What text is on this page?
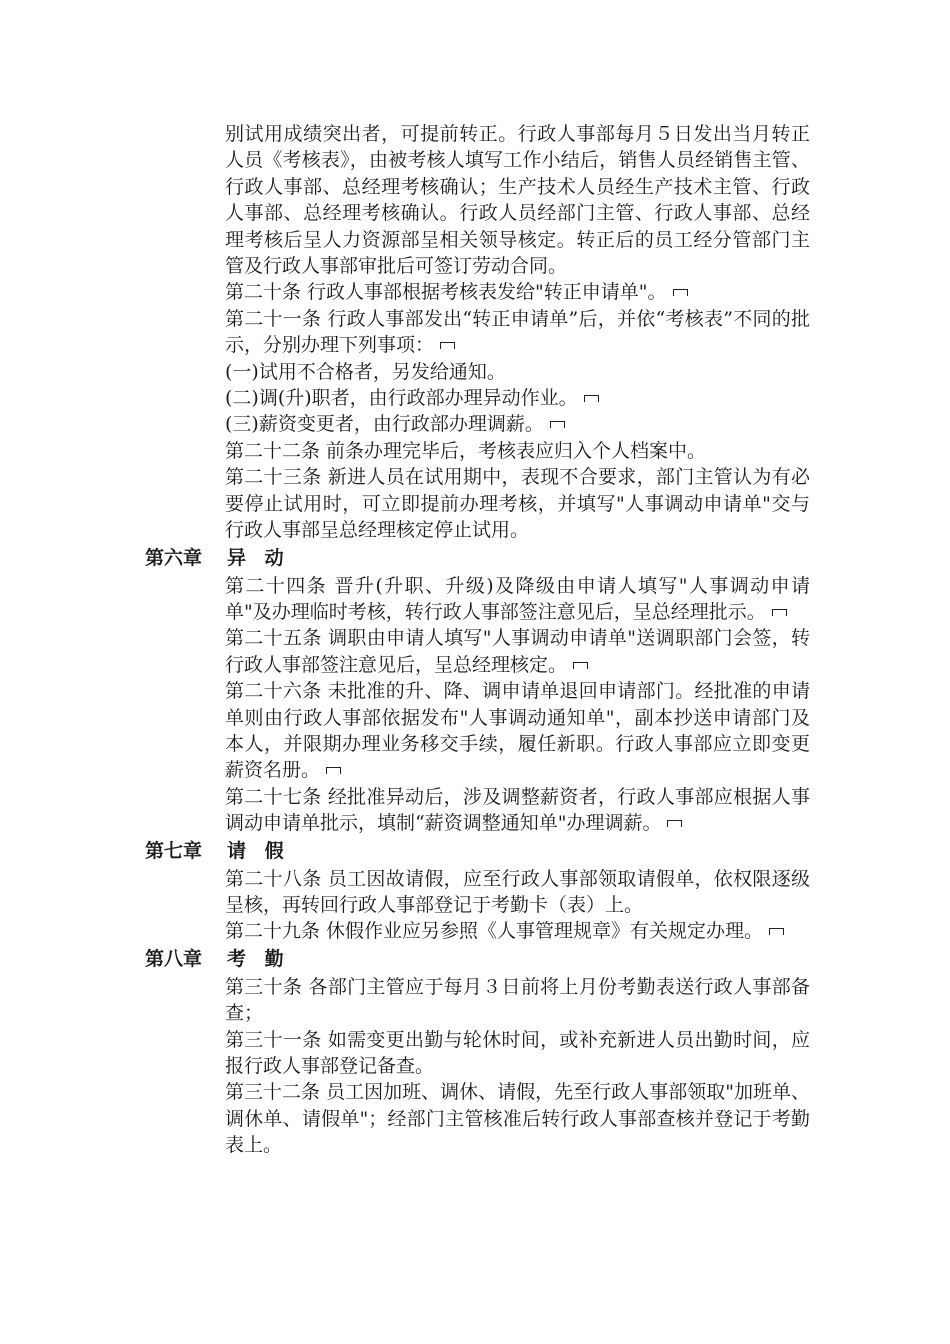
别试用成绩突出者，可提前转正。行政人事部每月５日发出当月转正人员《考核表》，由被考核人填写工作小结后，销售人员经销售主管、行政人事部、总经理考核确认；生产技术人员经生产技术主管、行政人事部、总经理考核确认。行政人员经部门主管、行政人事部、总经理考核后呈人力资源部呈相关领导核定。转正后的员工经分管部门主管及行政人事部审批后可签订劳动合同。
第二十条 行政人事部根据考核表发给"转正申请单"。
第二十一条 行政人事部发出“转正申请单”后，并依“考核表”不同的批示，分别办理下列事项：
(一)试用不合格者，另发给通知。
(二)调(升)职者，由行政部办理异动作业。
(三)薪资变更者，由行政部办理调薪。
第二十二条 前条办理完毕后，考核表应归入个人档案中。
第二十三条 新进人员在试用期中，表现不合要求，部门主管认为有必要停止试用时，可立即提前办理考核，并填写"人事调动申请单"交与行政人事部呈总经理核定停止试用。
第六章	异 动
第二十四条 晋升(升职、升级)及降级由申请人填写"人事调动申请单"及办理临时考核，转行政人事部签注意见后，呈总经理批示。
第二十五条 调职由申请人填写"人事调动申请单"送调职部门会签，转行政人事部签注意见后，呈总经理核定。
第二十六条 未批准的升、降、调申请单退回申请部门。经批准的申请单则由行政人事部依据发布"人事调动通知单"，副本抄送申请部门及本人，并限期办理业务移交手续，履任新职。行政人事部应立即变更薪资名册。
第二十七条 经批准异动后，涉及调整薪资者，行政人事部应根据人事调动申请单批示，填制“薪资调整通知单"办理调薪。
第七章	请 假
第二十八条 员工因故请假，应至行政人事部领取请假单，依权限逐级呈核，再转回行政人事部登记于考勤卡（表）上。
第二十九条 休假作业应另参照《人事管理规章》有关规定办理。
第八章	考 勤
第三十条 各部门主管应于每月３日前将上月份考勤表送行政人事部备查；
第三十一条 如需变更出勤与轮休时间，或补充新进人员出勤时间，应报行政人事部登记备查。
第三十二条 员工因加班、调休、请假，先至行政人事部领取"加班单、调休单、请假单"；经部门主管核准后转行政人事部查核并登记于考勤表上。
